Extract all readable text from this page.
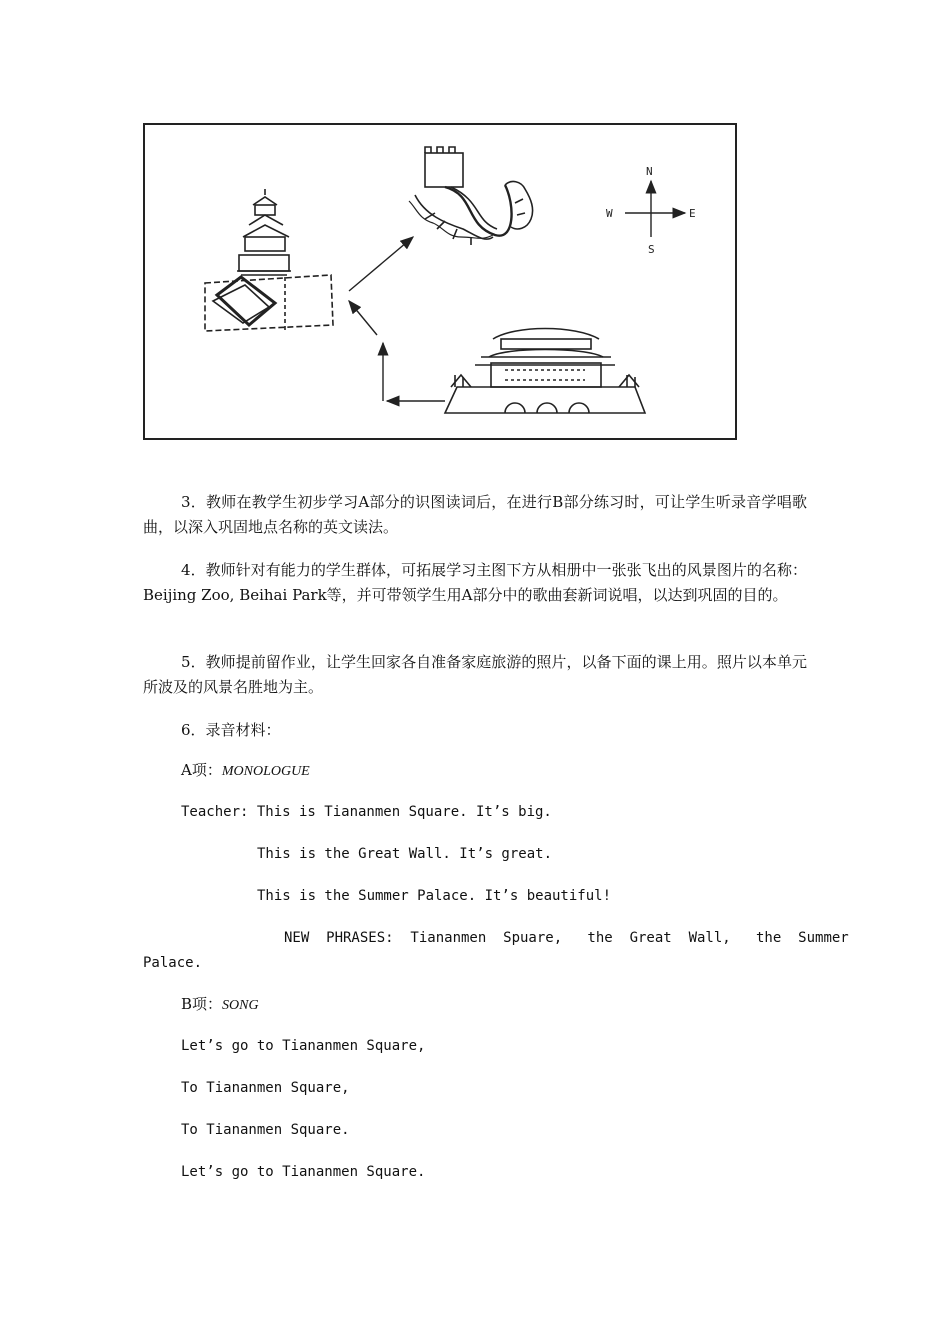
N
S
E
W

3．教师在教学生初步学习A部分的识图读词后，在进行B部分练习时，可让学生听录音学唱歌曲，以深入巩固地点名称的英文读法。

4．教师针对有能力的学生群体，可拓展学习主图下方从相册中一张张飞出的风景图片的名称：Beijing Zoo, Beihai Park等，并可带领学生用A部分中的歌曲套新词说唱，以达到巩固的目的。

5．教师提前留作业，让学生回家各自准备家庭旅游的照片，以备下面的课上用。照片以本单元所波及的风景名胜地为主。

6．录音材料：

A项：MONOLOGUE

Teacher: This is Tiananmen Square. It’s big.

This is the Great Wall. It’s great.

This is the Summer Palace. It’s beautiful!

NEW  PHRASES:  Tiananmen  Spuare,   the  Great  Wall,   the  Summer

Palace.

B项：SONG

Let’s go to Tiananmen Square,

To Tiananmen Square,

To Tiananmen Square.

Let’s go to Tiananmen Square.
